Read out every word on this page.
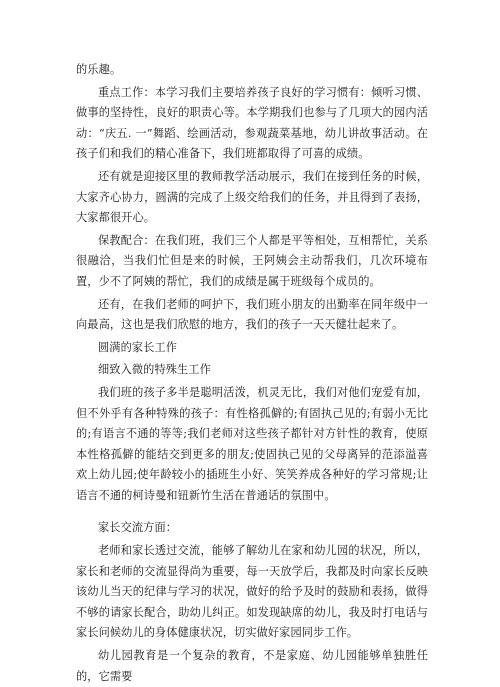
的乐趣。

重点工作：本学习我们主要培养孩子良好的学习惯有：倾听习惯、做事的坚持性，良好的职责心等。本学期我们也参与了几项大的园内活动：“庆五. 一”舞蹈、绘画活动，参观蔬菜基地，幼儿讲故事活动。在孩子们和我们的精心准备下，我们班都取得了可喜的成绩。

还有就是迎接区里的教师教学活动展示，我们在接到任务的时候，大家齐心协力，圆满的完成了上级交给我们的任务，并且得到了表扬，大家都很开心。

保教配合：在我们班，我们三个人都是平等相处，互相帮忙，关系很融洽，当我们忙但是来的时候，王阿姨会主动帮我们，几次环境布置，少不了阿姨的帮忙，我们的成绩是属于班级每个成员的。

还有，在我们老师的呵护下，我们班小朋友的出勤率在同年级中一向最高，这也是我们欣慰的地方，我们的孩子一天天健壮起来了。

圆满的家长工作

细致入微的特殊生工作

我们班的孩子多半是聪明活泼，机灵无比，我们对他们宠爱有加，但不外乎有各种特殊的孩子：有性格孤僻的;有固执己见的;有弱小无比的;有语言不通的等等;我们老师对这些孩子都针对方针性的教育，使原本性格孤僻的能结交到更多的朋友;使固执己见的父母离异的范添溢喜欢上幼儿园;使年龄较小的插班生小好、笑笑养成各种好的学习常规;让语言不通的柯诗曼和钮新竹生活在普通话的氛围中。

家长交流方面：

老师和家长透过交流，能够了解幼儿在家和幼儿园的状况，所以，家长和老师的交流显得尚为重要，每一天放学后，我都及时向家长反映该幼儿当天的纪律与学习的状况，做好的给予及时的鼓励和表扬，做得不够的请家长配合，助幼儿纠正。如发现缺席的幼儿，我及时打电话与家长问候幼儿的身体健康状况，切实做好家园同步工作。

幼儿园教育是一个复杂的教育，不是家庭、幼儿园能够单独胜任的，它需要
